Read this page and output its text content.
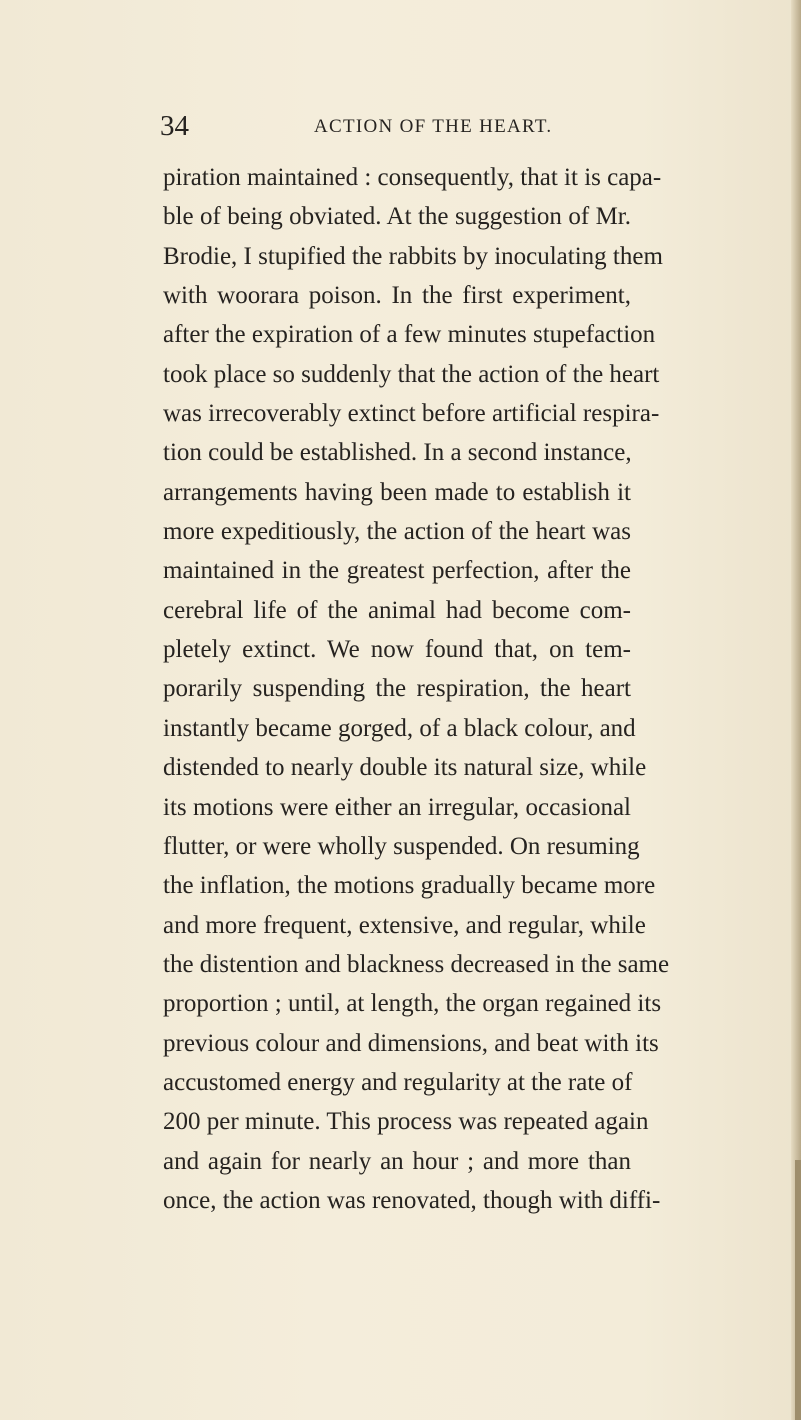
34	ACTION OF THE HEART.
piration maintained : consequently, that it is capa-
ble of being obviated. At the suggestion of Mr.
Brodie, I stupified the rabbits by inoculating them
with woorara poison. In the first experiment,
after the expiration of a few minutes stupefaction
took place so suddenly that the action of the heart
was irrecoverably extinct before artificial respira-
tion could be established. In a second instance,
arrangements having been made to establish it
more expeditiously, the action of the heart was
maintained in the greatest perfection, after the
cerebral life of the animal had become com-
pletely extinct. We now found that, on tem-
porarily suspending the respiration, the heart
instantly became gorged, of a black colour, and
distended to nearly double its natural size, while
its motions were either an irregular, occasional
flutter, or were wholly suspended. On resuming
the inflation, the motions gradually became more
and more frequent, extensive, and regular, while
the distention and blackness decreased in the same
proportion ; until, at length, the organ regained its
previous colour and dimensions, and beat with its
accustomed energy and regularity at the rate of
200 per minute. This process was repeated again
and again for nearly an hour ; and more than
once, the action was renovated, though with diffi-
